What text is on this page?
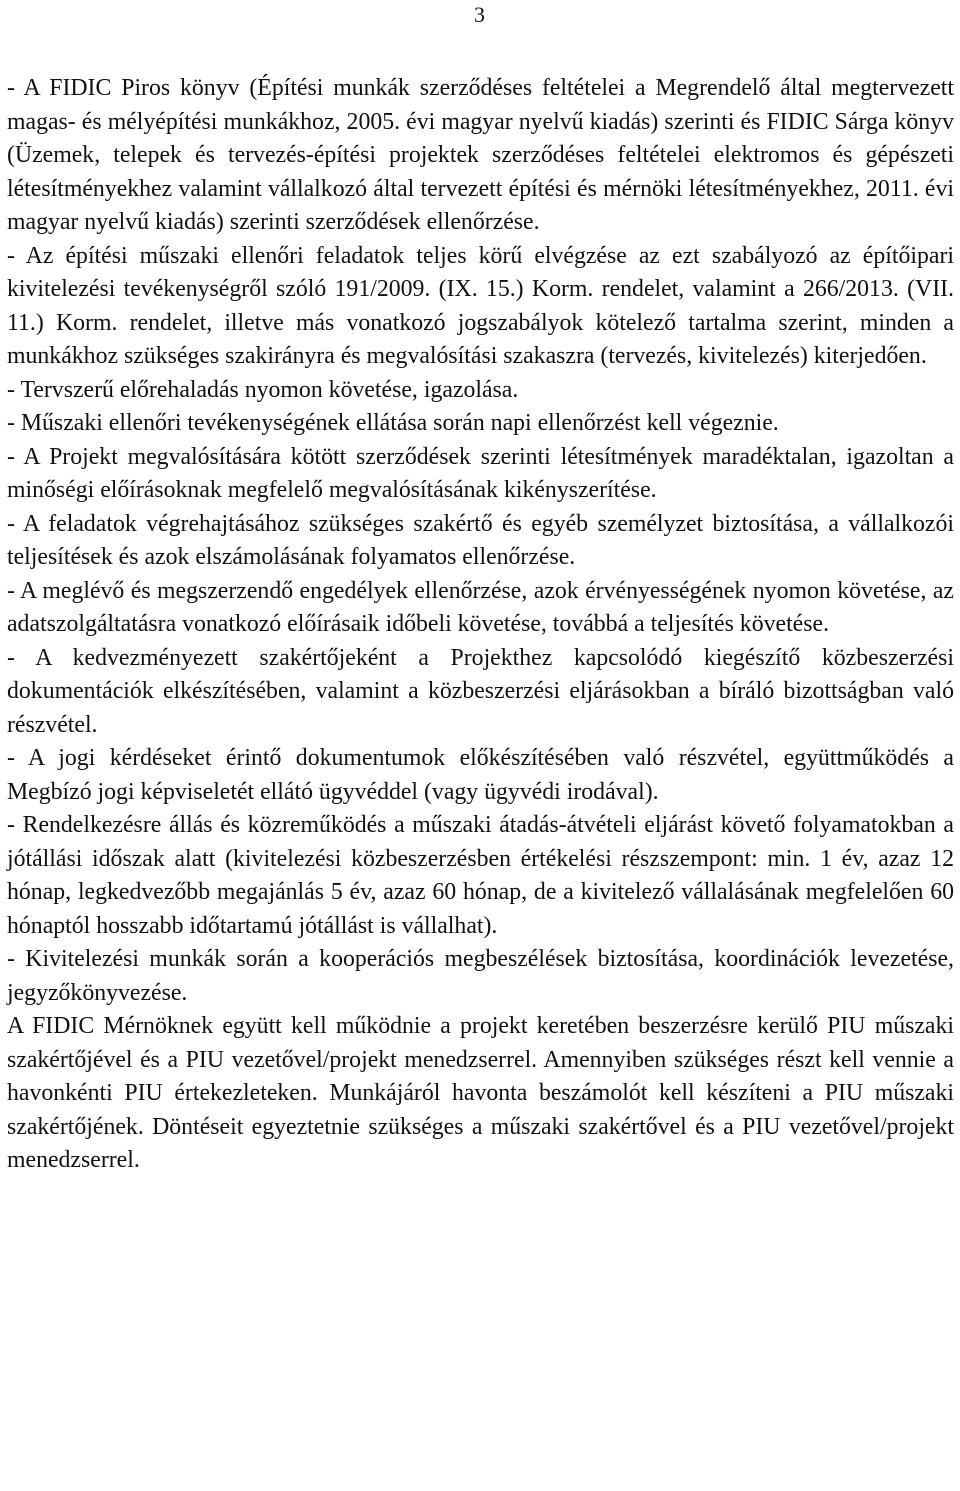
3

- A FIDIC Piros könyv (Építési munkák szerződéses feltételei a Megrendelő által megtervezett magas- és mélyépítési munkákhoz, 2005. évi magyar nyelvű kiadás) szerinti és FIDIC Sárga könyv (Üzemek, telepek és tervezés-építési projektek szerződéses feltételei elektromos és gépészeti létesítményekhez valamint vállalkozó által tervezett építési és mérnöki létesítményekhez, 2011. évi magyar nyelvű kiadás) szerinti szerződések ellenőrzése.

- Az építési műszaki ellenőri feladatok teljes körű elvégzése az ezt szabályozó az építőipari kivitelezési tevékenységről szóló 191/2009. (IX. 15.) Korm. rendelet, valamint a 266/2013. (VII. 11.) Korm. rendelet, illetve más vonatkozó jogszabályok kötelező tartalma szerint, minden a munkákhoz szükséges szakirányra és megvalósítási szakaszra (tervezés, kivitelezés) kiterjedően.

- Tervszerű előrehaladás nyomon követése, igazolása.

- Műszaki ellenőri tevékenységének ellátása során napi ellenőrzést kell végeznie.

- A Projekt megvalósítására kötött szerződések szerinti létesítmények maradéktalan, igazoltan a minőségi előírásoknak megfelelő megvalósításának kikényszerítése.

- A feladatok végrehajtásához szükséges szakértő és egyéb személyzet biztosítása, a vállalkozói teljesítések és azok elszámolásának folyamatos ellenőrzése.

- A meglévő és megszerzendő engedélyek ellenőrzése, azok érvényességének nyomon követése, az adatszolgáltatásra vonatkozó előírásaik időbeli követése, továbbá a teljesítés követése.

- A kedvezményezett szakértőjeként a Projekthez kapcsolódó kiegészítő közbeszerzési dokumentációk elkészítésében, valamint a közbeszerzési eljárásokban a bíráló bizottságban való részvétel.

- A jogi kérdéseket érintő dokumentumok előkészítésében való részvétel, együttműködés a Megbízó jogi képviseletét ellátó ügyvéddel (vagy ügyvédi irodával).

- Rendelkezésre állás és közreműködés a műszaki átadás-átvételi eljárást követő folyamatokban a jótállási időszak alatt (kivitelezési közbeszerzésben értékelési részszempont: min. 1 év, azaz 12 hónap, legkedvezőbb megajánlás 5 év, azaz 60 hónap, de a kivitelező vállalásának megfelelően 60 hónaptól hosszabb időtartamú jótállást is vállalhat).

- Kivitelezési munkák során a kooperációs megbeszélések biztosítása, koordinációk levezetése, jegyzőkönyvezése.

A FIDIC Mérnöknek együtt kell működnie a projekt keretében beszerzésre kerülő PIU műszaki szakértőjével és a PIU vezetővel/projekt menedzserrel. Amennyiben szükséges részt kell vennie a havonkénti PIU értekezleteken. Munkájáról havonta beszámolót kell készíteni a PIU műszaki szakértőjének. Döntéseit egyeztetnie szükséges a műszaki szakértővel és a PIU vezetővel/projekt menedzserrel.
